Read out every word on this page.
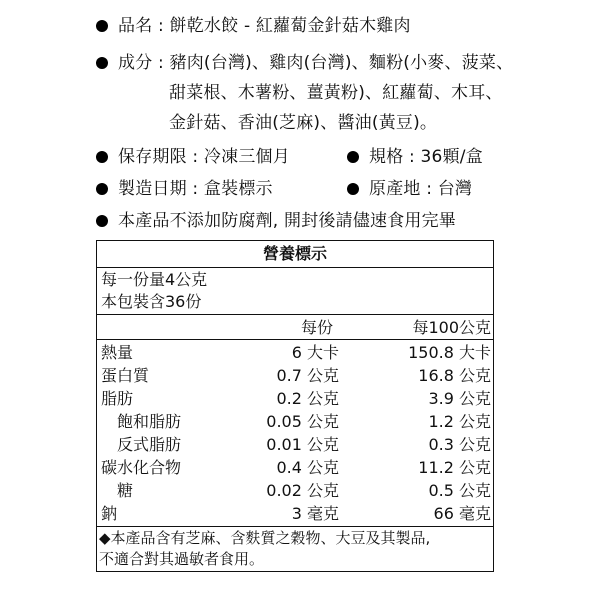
品名 : 餅乾水餃 - 紅蘿蔔金針菇木雞肉
成分 : 豬肉(台灣)、雞肉(台灣)、麵粉(小麥、菠菜、
甜菜根、木薯粉、薑黃粉)、紅蘿蔔、木耳、
金針菇、香油(芝麻)、醬油(黃豆)。
保存期限 : 冷凍三個月	規格 : 36顆/盒
製造日期 : 盒裝標示	原產地 : 台灣
本產品不添加防腐劑, 開封後請儘速食用完畢
營養標示
每一份量4公克
本包裝含36份
每份	每100公克
熱量	6 大卡	150.8 大卡
蛋白質	0.7 公克	16.8 公克
脂肪	0.2 公克	3.9 公克
飽和脂肪	0.05 公克	1.2 公克
反式脂肪	0.01 公克	0.3 公克
碳水化合物	0.4 公克	11.2 公克
糖	0.02 公克	0.5 公克
鈉	3 毫克	66 毫克
◆本產品含有芝麻、含麩質之穀物、大豆及其製品,
不適合對其過敏者食用。
